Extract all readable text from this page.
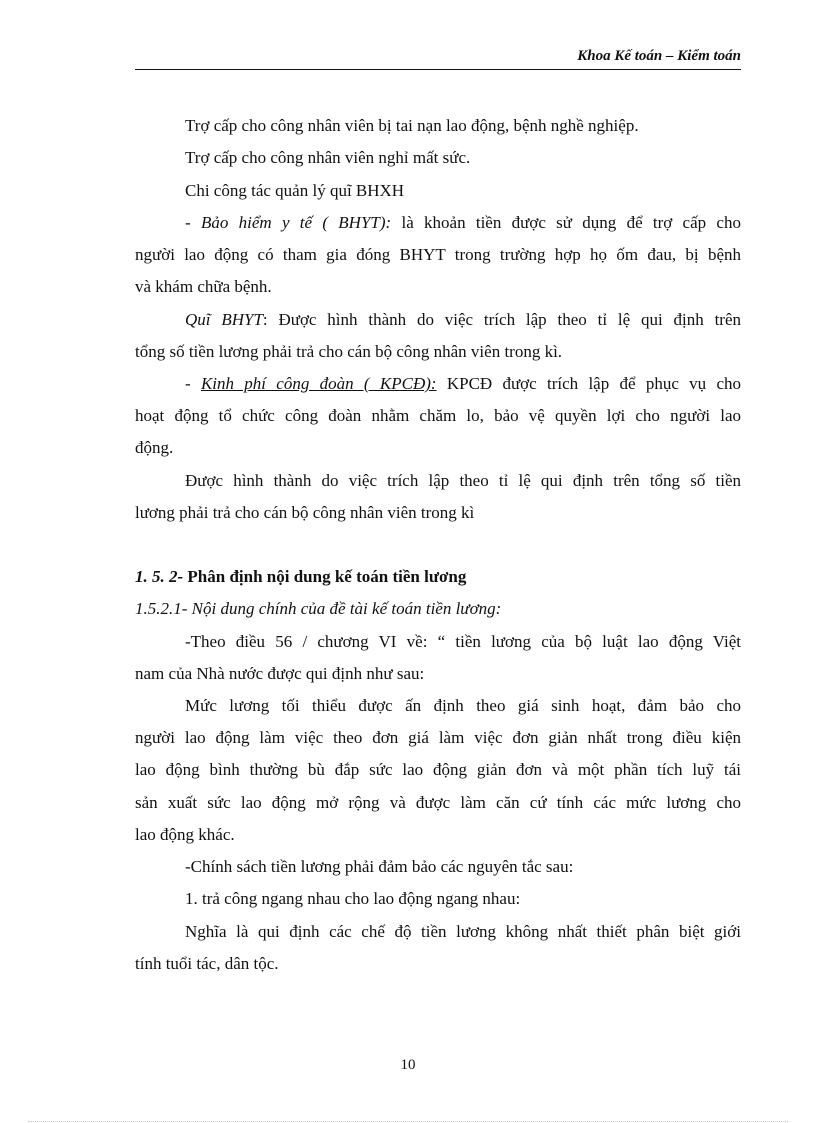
Khoa Kế toán – Kiểm toán
Trợ cấp cho công nhân viên bị tai nạn lao động, bệnh nghề nghiệp.
Trợ cấp cho công nhân viên nghỉ mất sức.
Chi công tác quản lý quĩ BHXH
- Bảo hiểm y tế ( BHYT): là khoản tiền được sử dụng để trợ cấp cho
người lao động có tham gia đóng BHYT trong trường hợp họ ốm đau, bị bệnh
và khám chữa bệnh.
Quĩ BHYT: Được hình thành do việc trích lập theo tỉ lệ qui định trên
tổng số tiền lương phải trả cho cán bộ công nhân viên trong kì.
- Kinh phí công đoàn ( KPCĐ): KPCĐ được trích lập để phục vụ cho
hoạt động tổ chức công đoàn nhằm chăm lo, bảo vệ quyền lợi cho người lao
động.
Được hình thành do việc trích lập theo tỉ lệ qui định trên tổng số tiền
lương phải trả cho cán bộ công nhân viên trong kì
1. 5. 2- Phân định nội dung kế toán tiền lương
1.5.2.1- Nội dung chính của đề tài kế toán tiền lương:
-Theo điều 56 / chương VI về: “ tiền lương của bộ luật lao động Việt
nam của Nhà nước được qui định như sau:
Mức lương tối thiểu được ấn định theo giá sinh hoạt, đảm bảo cho
người lao động làm việc theo đơn giá làm việc đơn giản nhất trong điều kiện
lao động bình thường bù đắp sức lao động giản đơn và một phần tích luỹ tái
sản xuất sức lao động mở rộng và được làm căn cứ tính các mức lương cho
lao động khác.
-Chính sách tiền lương phải đảm bảo các nguyên tắc sau:
1. trả công ngang nhau cho lao động ngang nhau:
Nghĩa là qui định các chế độ tiền lương không nhất thiết phân biệt giới
tính tuổi tác, dân tộc.
10
